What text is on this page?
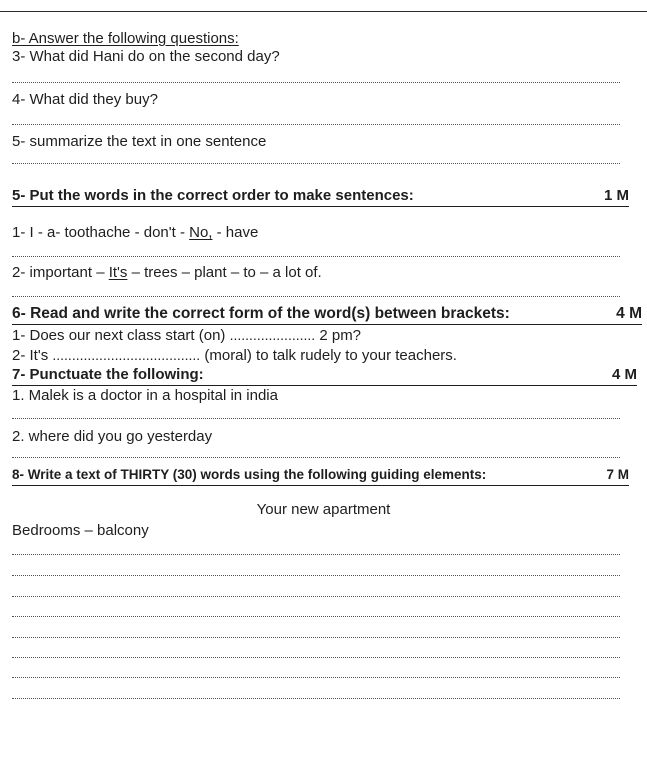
b- Answer the following questions:
3- What did Hani do on the second day?
4- What did they buy?
5- summarize the text in one sentence
5- Put the words in the correct order to make sentences:	1 M
1- I - a- toothache - don't - No, - have
2- important – It's – trees – plant – to – a lot of.
6- Read and write the correct form of the word(s) between brackets:	4 M
1- Does our next class start (on) ...................... 2 pm?
2- It's ...................................... (moral) to talk rudely to your teachers.
7- Punctuate the following:	4 M
1. Malek is a doctor in a hospital in india
2. where did you go yesterday
8- Write a text of THIRTY (30) words using the following guiding elements:	7 M
Your new apartment
Bedrooms – balcony
